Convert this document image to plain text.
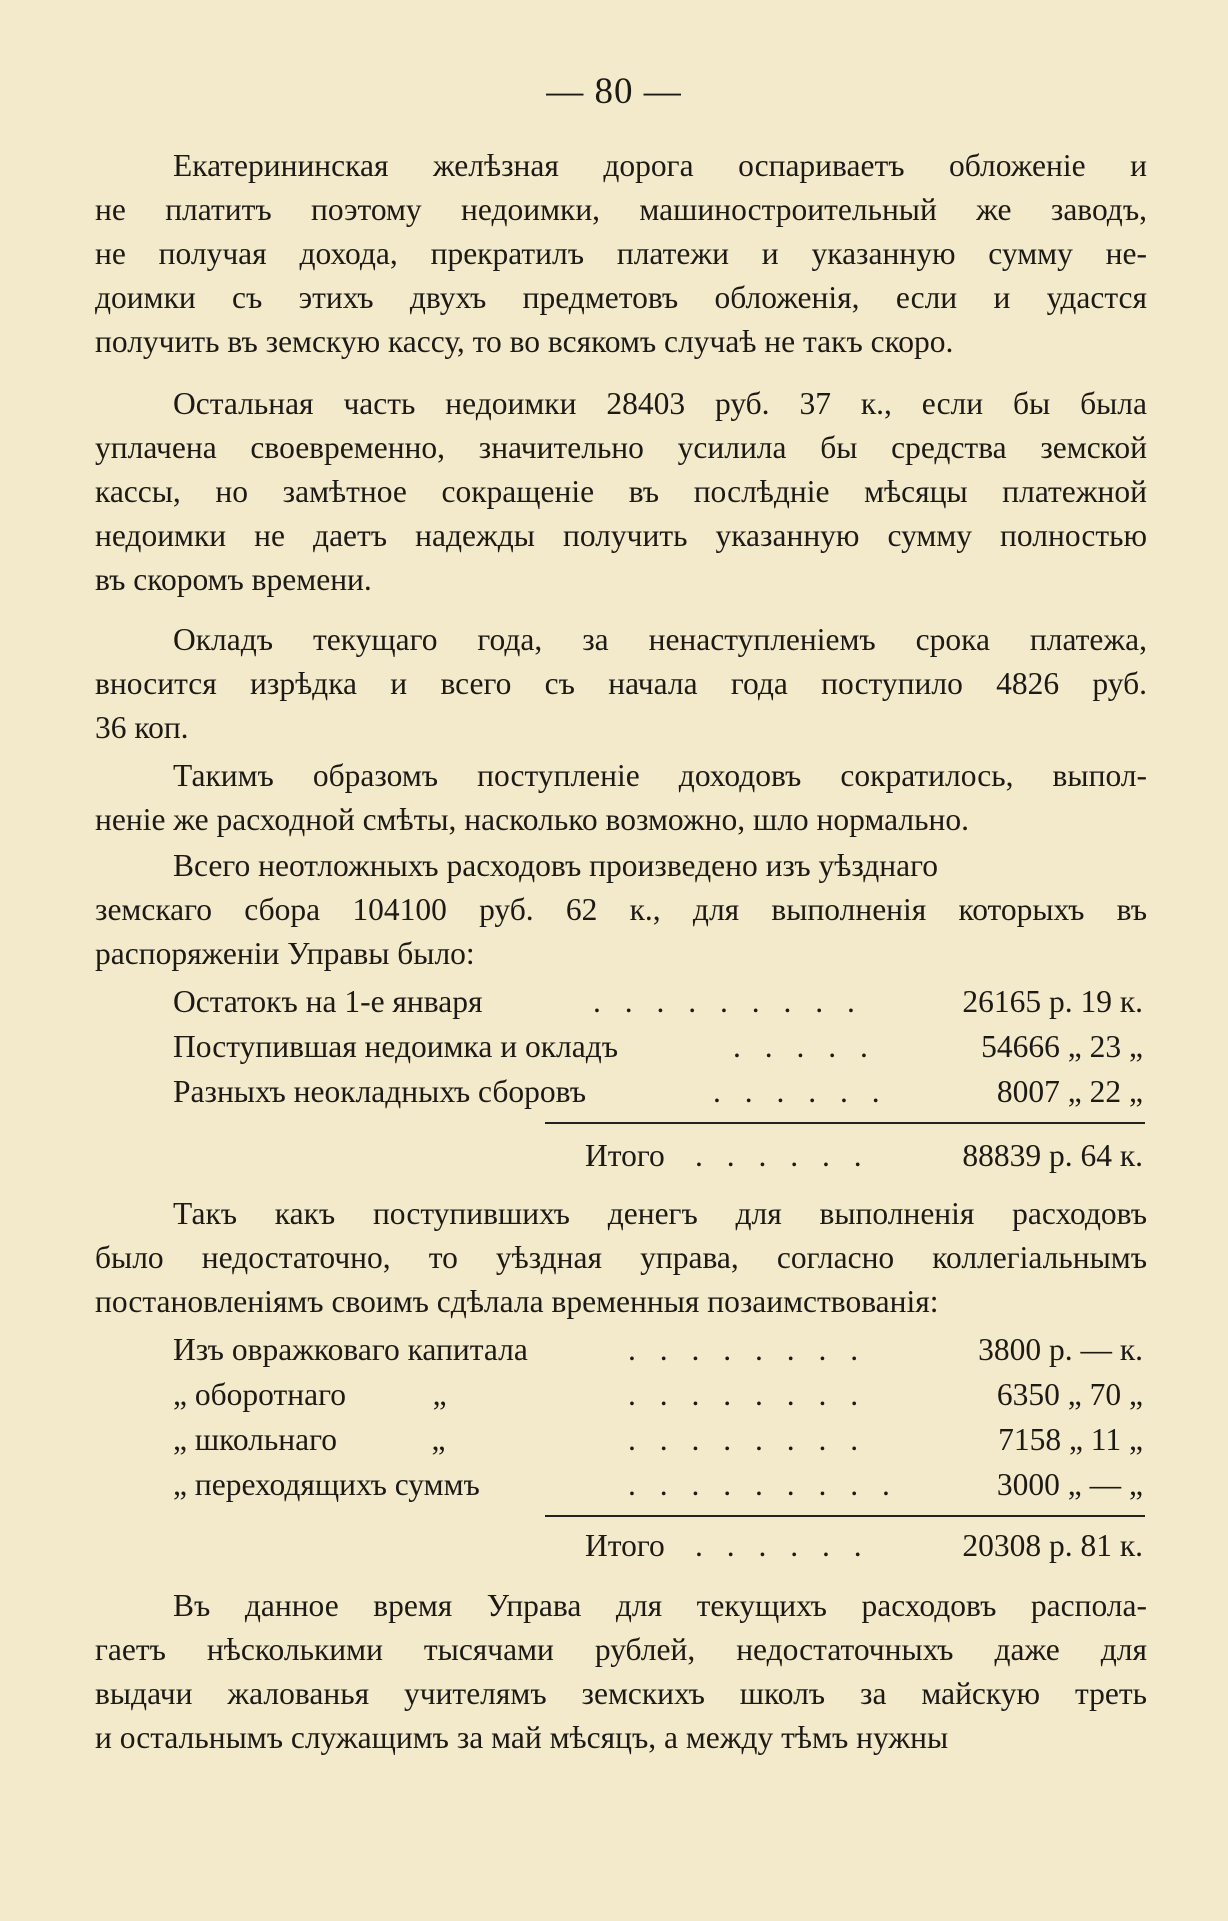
— 80 —
Екатерининская желѣзная дорога оспариваетъ обложенiе и
не платитъ поэтому недоимки, машиностроительный же заводъ,
не получая дохода, прекратилъ платежи и указанную сумму не-
доимки съ этихъ двухъ предметовъ обложенія, если и удастся
получить въ земскую кассу, то во всякомъ случаѣ не такъ скоро.
Остальная часть недоимки 28403 руб. 37 к., если бы была
уплачена своевременно, значительно усилила бы средства земской
кассы, но замѣтное сокращенiе въ послѣднiе мѣсяцы платежной
недоимки не даетъ надежды получить указанную сумму полностью
въ скоромъ времени.
Окладъ текущаго года, за ненаступленiемъ срока платежа,
вносится изрѣдка и всего съ начала года поступило 4826 руб.
36 коп.
Такимъ образомъ поступленiе доходовъ сократилось, выпол-
ненiе же расходной смѣты, насколько возможно, шло нормально.
Всего неотложныхъ расходовъ произведено изъ уѣзднаго
земскаго сбора 104100 руб. 62 к., для выполненія которыхъ въ
распоряженiи Управы было:
Остатокъ на 1-е января	. . . . . . . . .	26165 р. 19 к.
Поступившая недоимка и окладъ	. . . . .	54666 „ 23 „
Разныхъ неокладныхъ сборовъ	. . . . . .	8007 „ 22 „
Итого . . . . . .	88839 р. 64 к.
Такъ какъ поступившихъ денегъ для выполненія расходовъ
было недостаточно, то уѣздная управа, согласно коллегiальнымъ
постановленiямъ своимъ сдѣлала временныя позаимствованiя:
Изъ овражковаго капитала	. . . . . . . .	3800 р. — к.
„ оборотнаго           „	. . . . . . . .	6350 „ 70 „
„ школьнаго            „	. . . . . . . .	7158 „ 11 „
„ переходящихъ суммъ	. . . . . . . . .	3000 „ — „
Итого . . . . . .	20308 р. 81 к.
Въ данное время Управа для текущихъ расходовъ распола-
гаетъ нѣсколькими тысячами рублей, недостаточныхъ даже для
выдачи жалованья учителямъ земскихъ школъ за майскую треть
и остальнымъ служащимъ за май мѣсяцъ, а между тѣмъ нужны
